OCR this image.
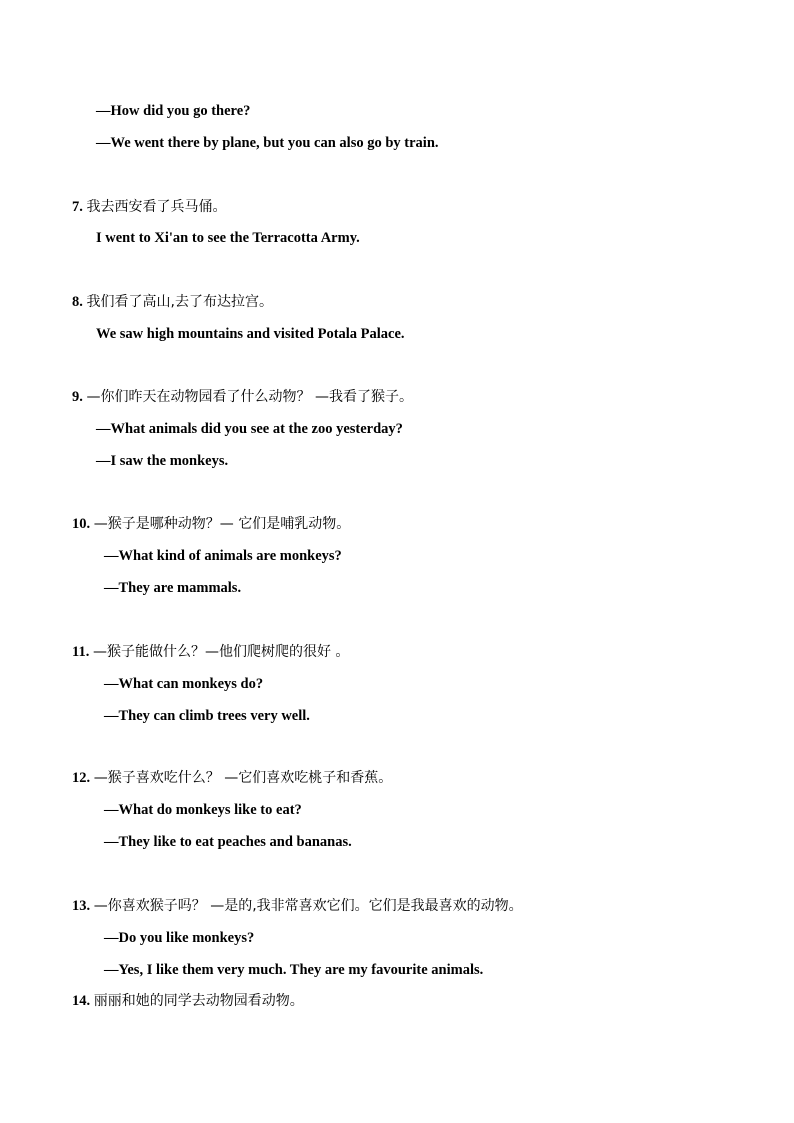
—How did you go there?
—We went there by plane, but you can also go by train.
7. 我去西安看了兵马俑。
I went to Xi'an to see the Terracotta Army.
8. 我们看了高山,去了布达拉宫。
We saw high mountains and visited Potala Palace.
9. —你们昨天在动物园看了什么动物？ —我看了猴子。
—What animals did you see at the zoo yesterday?
—I saw the monkeys.
10. —猴子是哪种动物？— 它们是哺乳动物。
—What kind of animals are monkeys?
—They are mammals.
11. —猴子能做什么？—他们爬树爬的很好 。
—What can monkeys do?
—They can climb trees very well.
12. —猴子喜欢吃什么？ —它们喜欢吃桃子和香蕉。
—What do monkeys like to eat?
—They like to eat peaches and bananas.
13. —你喜欢猴子吗？ —是的,我非常喜欢它们。它们是我最喜欢的动物。
—Do you like monkeys?
—Yes, I like them very much. They are my favourite animals.
14. 丽丽和她的同学去动物园看动物。
